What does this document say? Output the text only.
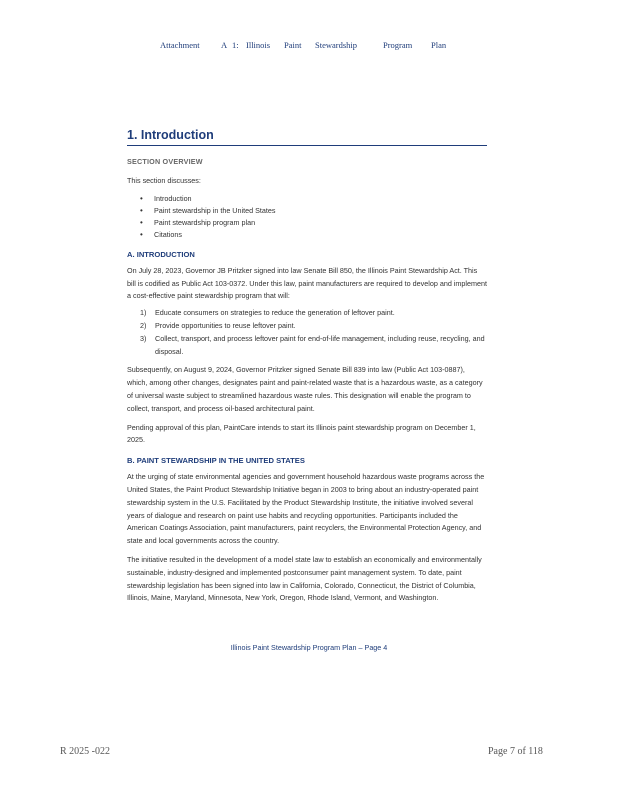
Attachment	A 1: Illinois Paint Stewardship	Program Plan
1. Introduction
SECTION OVERVIEW

This section discusses:

• Introduction
• Paint stewardship in the United States
• Paint stewardship program plan
• Citations
A. INTRODUCTION

On July 28, 2023, Governor JB Pritzker signed into law Senate Bill 850, the Illinois Paint Stewardship Act. This bill is codified as Public Act 103-0372. Under this law, paint manufacturers are required to develop and implement a cost-effective paint stewardship program that will:

1) Educate consumers on strategies to reduce the generation of leftover paint.
2) Provide opportunities to reuse leftover paint.
3) Collect, transport, and process leftover paint for end-of-life management, including reuse, recycling, and disposal.

Subsequently, on August 9, 2024, Governor Pritzker signed Senate Bill 839 into law (Public Act 103-0887), which, among other changes, designates paint and paint-related waste that is a hazardous waste, as a category of universal waste subject to streamlined hazardous waste rules. This designation will enable the program to collect, transport, and process oil-based architectural paint.

Pending approval of this plan, PaintCare intends to start its Illinois paint stewardship program on December 1, 2025.

B. PAINT STEWARDSHIP IN THE UNITED STATES

At the urging of state environmental agencies and government household hazardous waste programs across the United States, the Paint Product Stewardship Initiative began in 2003 to bring about an industry-operated paint stewardship system in the U.S. Facilitated by the Product Stewardship Institute, the initiative involved several years of dialogue and research on paint use habits and recycling opportunities. Participants included the American Coatings Association, paint manufacturers, paint recyclers, the Environmental Protection Agency, and state and local governments across the country.

The initiative resulted in the development of a model state law to establish an economically and environmentally sustainable, industry-designed and implemented postconsumer paint management system. To date, paint stewardship legislation has been signed into law in California, Colorado, Connecticut, the District of Columbia, Illinois, Maine, Maryland, Minnesota, New York, Oregon, Rhode Island, Vermont, and Washington.

Illinois Paint Stewardship Program Plan – Page 4
R 2025 -022	Page 7 of 118
